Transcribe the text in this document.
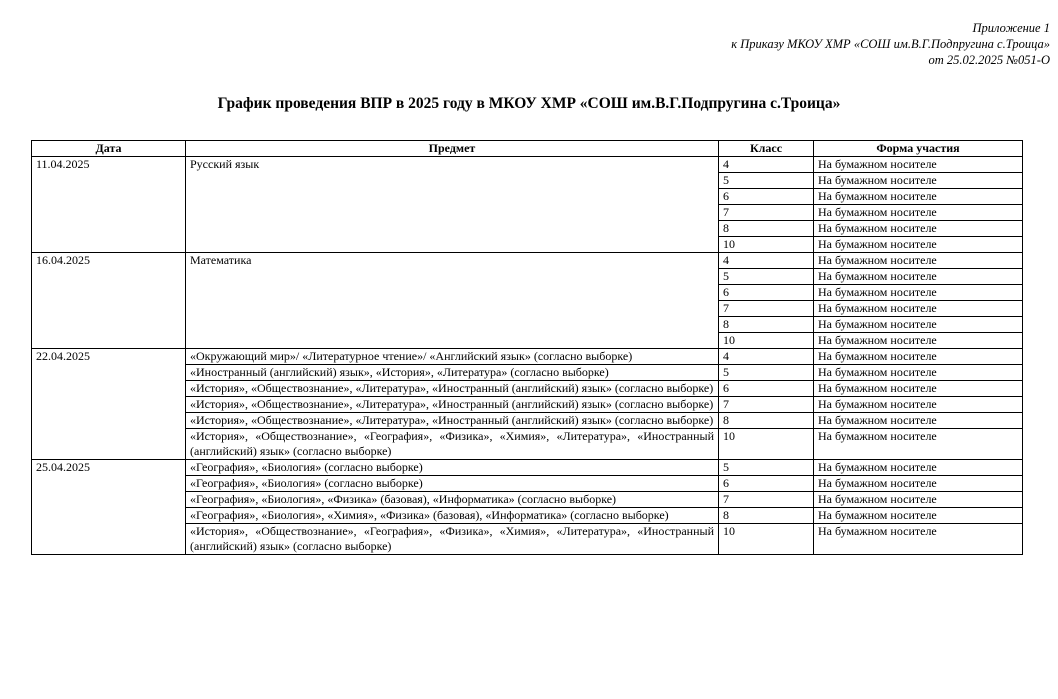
Приложение 1
к Приказу МКОУ ХМР «СОШ им.В.Г.Подпругина с.Троица»
от 25.02.2025 №051-О
График проведения ВПР в 2025 году в МКОУ ХМР «СОШ им.В.Г.Подпругина с.Троица»
Дата	Предмет	Класс	Форма участия
11.04.2025	Русский язык	4	На бумажном носителе
		5	На бумажном носителе
		6	На бумажном носителе
		7	На бумажном носителе
		8	На бумажном носителе
		10	На бумажном носителе
16.04.2025	Математика	4	На бумажном носителе
		5	На бумажном носителе
		6	На бумажном носителе
		7	На бумажном носителе
		8	На бумажном носителе
		10	На бумажном носителе
22.04.2025	«Окружающий мир»/ «Литературное чтение»/ «Английский язык» (согласно выборке)	4	На бумажном носителе
	«Иностранный (английский) язык», «История», «Литература» (согласно выборке)	5	На бумажном носителе
	«История», «Обществознание», «Литература», «Иностранный (английский) язык» (согласно выборке)	6	На бумажном носителе
	«История», «Обществознание», «Литература», «Иностранный (английский) язык» (согласно выборке)	7	На бумажном носителе
	«История», «Обществознание», «Литература», «Иностранный (английский) язык» (согласно выборке)	8	На бумажном носителе
	«История», «Обществознание», «География», «Физика», «Химия», «Литература», «Иностранный (английский) язык» (согласно выборке)	10	На бумажном носителе
25.04.2025	«География», «Биология» (согласно выборке)	5	На бумажном носителе
	«География», «Биология» (согласно выборке)	6	На бумажном носителе
	«География», «Биология», «Физика» (базовая), «Информатика» (согласно выборке)	7	На бумажном носителе
	«География», «Биология», «Химия», «Физика» (базовая), «Информатика» (согласно выборке)	8	На бумажном носителе
	«История», «Обществознание», «География», «Физика», «Химия», «Литература», «Иностранный (английский) язык» (согласно выборке)	10	На бумажном носителе
